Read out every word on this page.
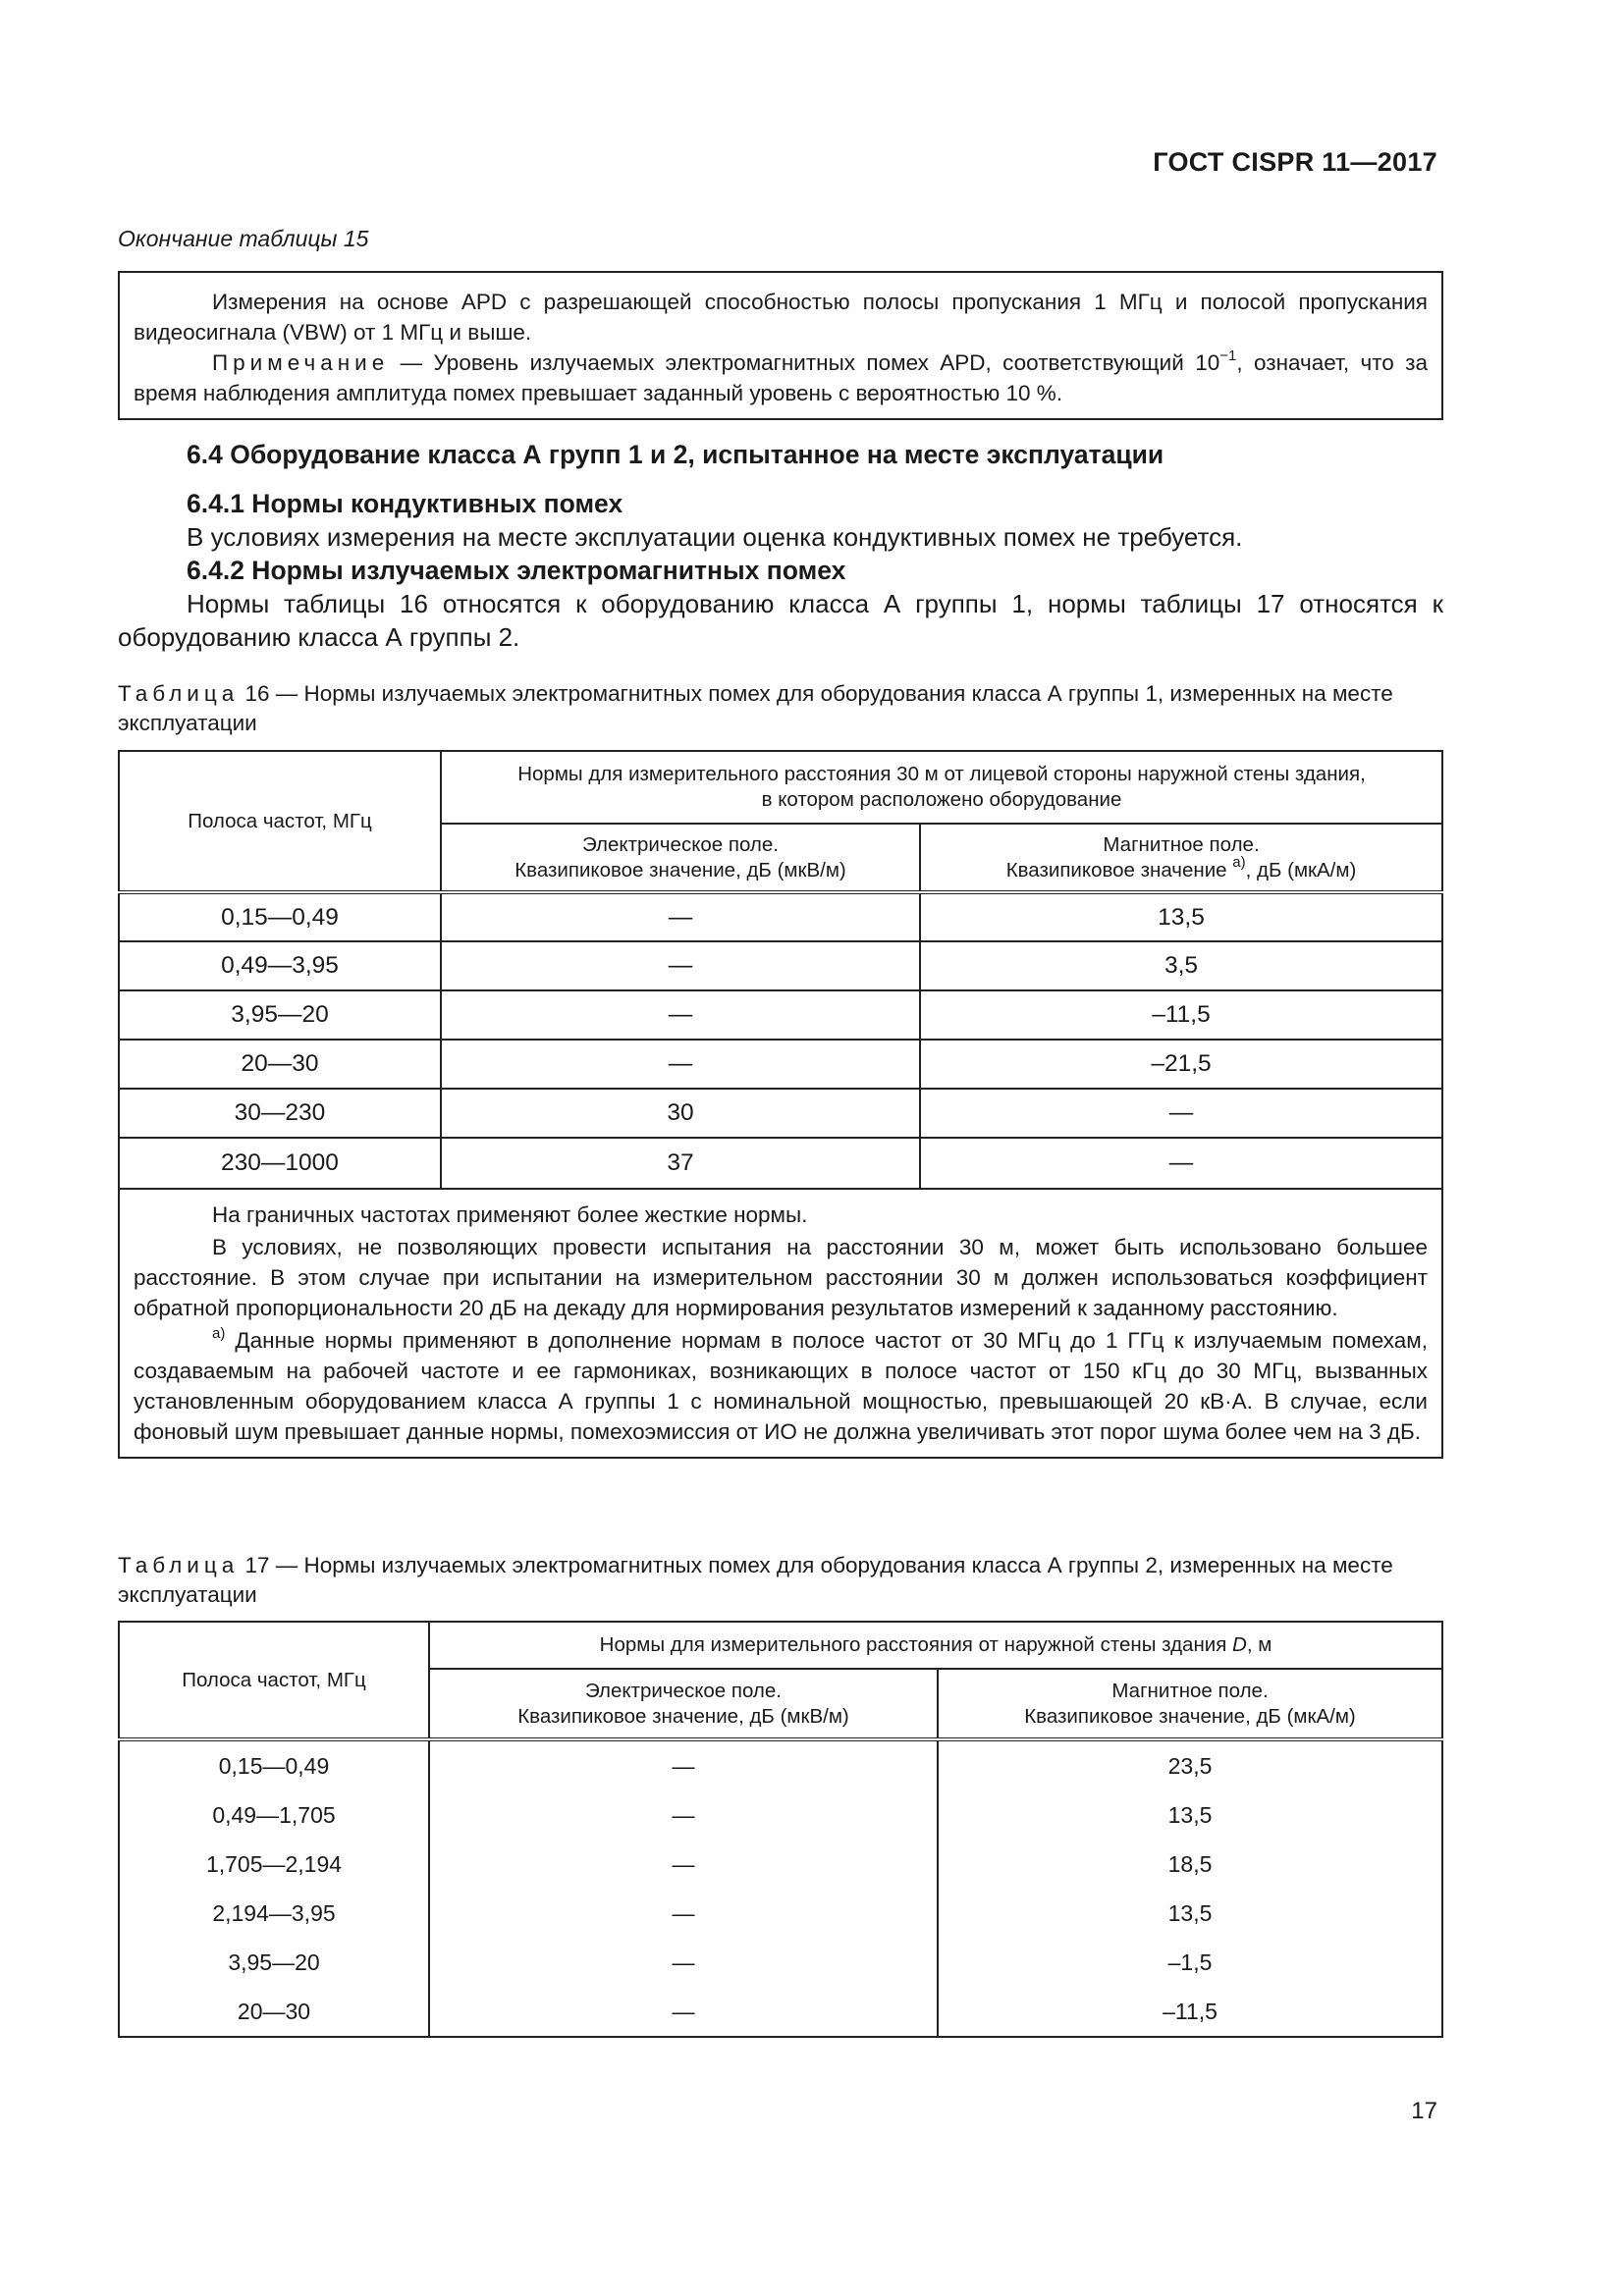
ГОСТ CISPR 11—2017
Окончание таблицы 15

Измерения на основе APD с разрешающей способностью полосы пропускания 1 МГц и полосой пропускания видеосигнала (VBW) от 1 МГц и выше.

Примечание — Уровень излучаемых электромагнитных помех APD, соответствующий $10^{-1}$, означает, что за время наблюдения амплитуда помех превышает заданный уровень с вероятностью 10 %.

6.4 Оборудование класса А групп 1 и 2, испытанное на месте эксплуатации
6.4.1 Нормы кондуктивных помех
В условиях измерения на месте эксплуатации оценка кондуктивных помех не требуется.
6.4.2 Нормы излучаемых электромагнитных помех
Нормы таблицы 16 относятся к оборудованию класса А группы 1, нормы таблицы 17 относятся к оборудованию класса А группы 2.
Таблица 16 — Нормы излучаемых электромагнитных помех для оборудования класса А группы 1, измеренных на месте эксплуатации
Полоса частот, МГц	Нормы для измерительного расстояния 30 м от лицевой стороны наружной стены здания,
в котором расположено оборудование	
	Электрическое поле.
Квазипиковое значение, дБ (мкВ/м)	Магнитное поле.
Квазипиковое значение $^{а)}$, дБ (мкА/м)
0,15—0,49	—	13,5
0,49—3,95	—	3,5
3,95—20	—	–11,5
20—30	—	–21,5
30—230	30	—
230—1000	37	—

На граничных частотах применяют более жесткие нормы.

В условиях, не позволяющих провести испытания на расстоянии 30 м, может быть использовано большее расстояние. В этом случае при испытании на измерительном расстоянии 30 м должен использоваться коэффициент обратной пропорциональности 20 дБ на декаду для нормирования результатов измерений к заданному расстоянию.

$^{а)}$ Данные нормы применяют в дополнение нормам в полосе частот от 30 МГц до 1 ГГц к излучаемым помехам, создаваемым на рабочей частоте и ее гармониках, возникающих в полосе частот от 150 кГц до 30 МГц, вызванных установленным оборудованием класса А группы 1 с номинальной мощностью, превышающей 20 кВ·А. В случае, если фоновый шум превышает данные нормы, помехоэмиссия от ИО не должна увеличивать этот порог шума более чем на 3 дБ.		

Таблица 17 — Нормы излучаемых электромагнитных помех для оборудования класса А группы 2, измеренных на месте эксплуатации
Полоса частот, МГц	Нормы для измерительного расстояния от наружной стены здания D, м	
	Электрическое поле.
Квазипиковое значение, дБ (мкВ/м)	Магнитное поле.
Квазипиковое значение, дБ (мкА/м)
0,15—0,49	—	23,5
0,49—1,705	—	13,5
1,705—2,194	—	18,5
2,194—3,95	—	13,5
3,95—20	—	–1,5
20—30	—	–11,5
17
